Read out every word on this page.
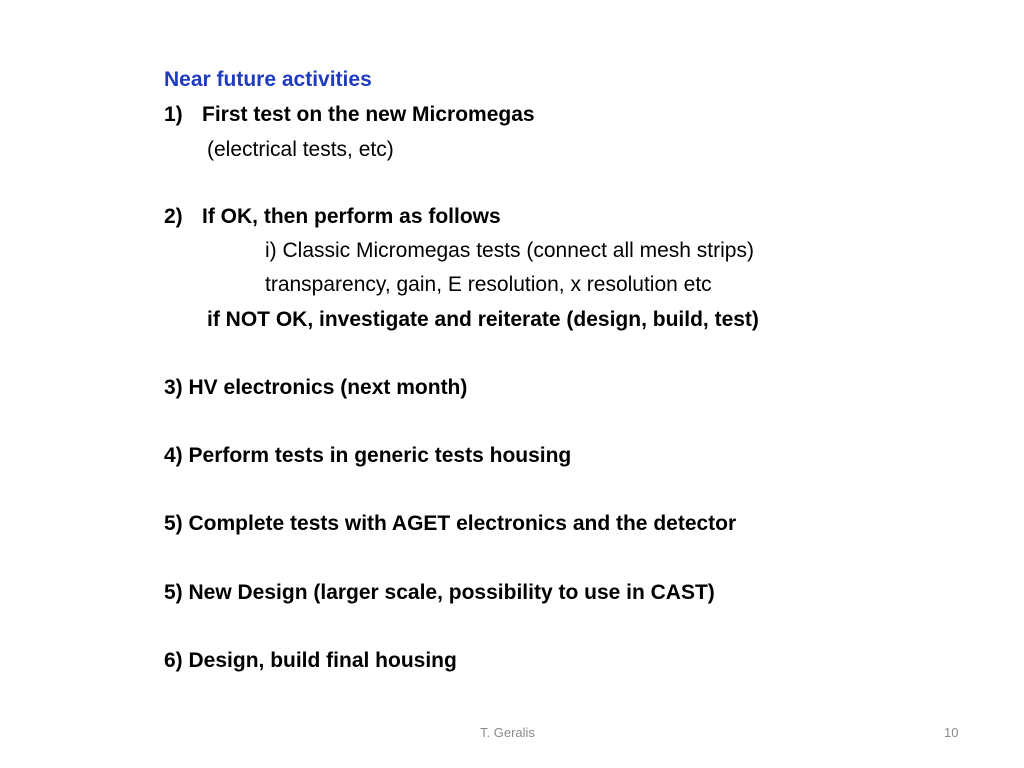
Near future activities
1) First test on the new Micromegas
(electrical tests, etc)
2) If OK, then perform as follows
i) Classic Micromegas tests (connect all mesh strips)
transparency, gain, E resolution, x resolution etc
if NOT OK, investigate and reiterate (design, build, test)
3) HV electronics (next month)
4) Perform tests in generic tests housing
5) Complete tests with AGET electronics and the detector
5) New Design (larger scale, possibility to use in CAST)
6) Design, build final housing
T. Geralis	10
